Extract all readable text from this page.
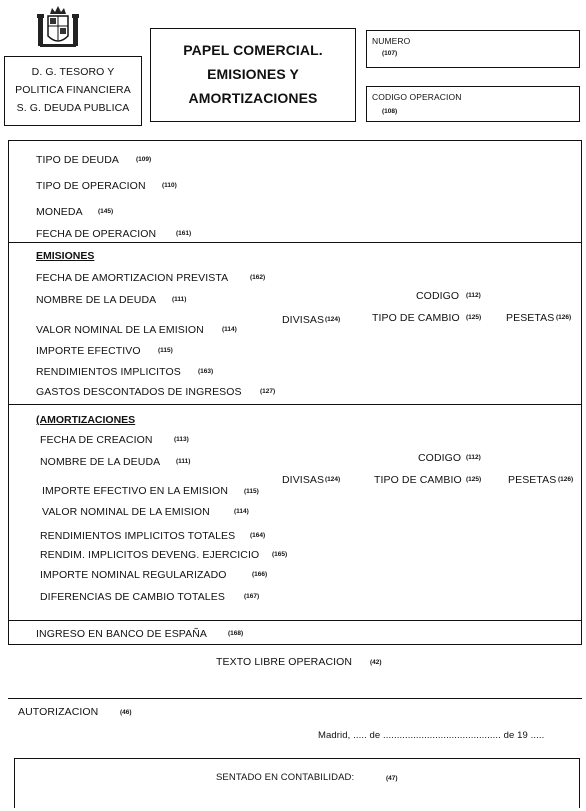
D. G. TESORO Y
POLITICA FINANCIERA
S. G. DEUDA PUBLICA
PAPEL COMERCIAL.
EMISIONES Y
AMORTIZACIONES
NUMERO
(107)
CODIGO OPERACION
(108)
TIPO DE DEUDA	(109)
TIPO DE OPERACION	(110)
MONEDA (145)
FECHA DE OPERACION	(161)
EMISIONES
FECHA DE AMORTIZACION PREVISTA	(162)
NOMBRE DE LA DEUDA (111)
VALOR NOMINAL DE LA EMISION	(114)
IMPORTE EFECTIVO	(115)
RENDIMIENTOS IMPLICITOS	(163)
GASTOS DESCONTADOS DE INGRESOS	(127)
CODIGO (112)
DIVISAS (124)	TIPO DE CAMBIO (125) PESETAS (126)
(AMORTIZACIONES
FECHA DE CREACION	(113)
NOMBRE DE LA DEUDA (111)
IMPORTE EFECTIVO EN LA EMISION (115)
VALOR NOMINAL DE LA EMISION	(114)
RENDIMIENTOS IMPLICITOS TOTALES (164)
RENDIM. IMPLICITOS DEVENG. EJERCICIO (165)
IMPORTE NOMINAL REGULARIZADO	(166)
DIFERENCIAS DE CAMBIO TOTALES	(167)
CODIGO (112)
DIVISAS (124)	TIPO DE CAMBIO (125)	PESETAS (126)
INGRESO EN BANCO DE ESPAÑA	(168)
TEXTO LIBRE OPERACION	(42)
AUTORIZACION	(46)
Madrid, ..... de ........................................... de 19 .....
SENTADO EN CONTABILIDAD:	(47)
